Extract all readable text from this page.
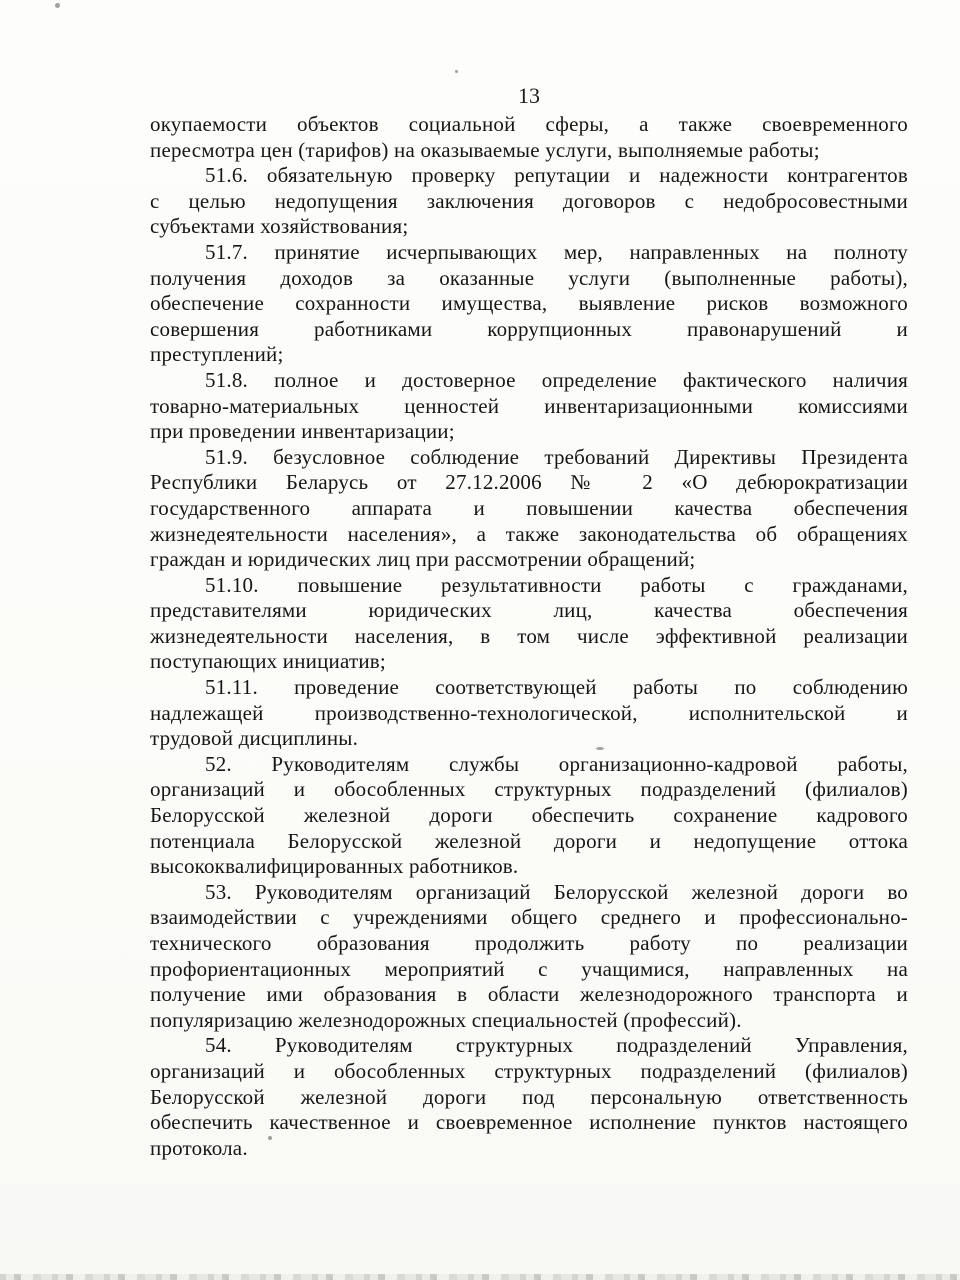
13
окупаемости объектов социальной сферы, а также своевременного
пересмотра цен (тарифов) на оказываемые услуги, выполняемые работы;
51.6. обязательную проверку репутации и надежности контрагентов
с целью недопущения заключения договоров с недобросовестными
субъектами хозяйствования;
51.7. принятие исчерпывающих мер, направленных на полноту
получения доходов за оказанные услуги (выполненные работы),
обеспечение сохранности имущества, выявление рисков возможного
совершения работниками коррупционных правонарушений и
преступлений;
51.8. полное и достоверное определение фактического наличия
товарно-материальных ценностей инвентаризационными комиссиями
при проведении инвентаризации;
51.9. безусловное соблюдение требований Директивы Президента
Республики Беларусь от 27.12.2006 № 2 «О дебюрократизации
государственного аппарата и повышении качества обеспечения
жизнедеятельности населения», а также законодательства об обращениях
граждан и юридических лиц при рассмотрении обращений;
51.10. повышение результативности работы с гражданами,
представителями юридических лиц, качества обеспечения
жизнедеятельности населения, в том числе эффективной реализации
поступающих инициатив;
51.11. проведение соответствующей работы по соблюдению
надлежащей производственно-технологической, исполнительской и
трудовой дисциплины.
52. Руководителям службы организационно-кадровой работы,
организаций и обособленных структурных подразделений (филиалов)
Белорусской железной дороги обеспечить сохранение кадрового
потенциала Белорусской железной дороги и недопущение оттока
высококвалифицированных работников.
53. Руководителям организаций Белорусской железной дороги во
взаимодействии с учреждениями общего среднего и профессионально-
технического образования продолжить работу по реализации
профориентационных мероприятий с учащимися, направленных на
получение ими образования в области железнодорожного транспорта и
популяризацию железнодорожных специальностей (профессий).
54. Руководителям структурных подразделений Управления,
организаций и обособленных структурных подразделений (филиалов)
Белорусской железной дороги под персональную ответственность
обеспечить качественное и своевременное исполнение пунктов настоящего
протокола.
